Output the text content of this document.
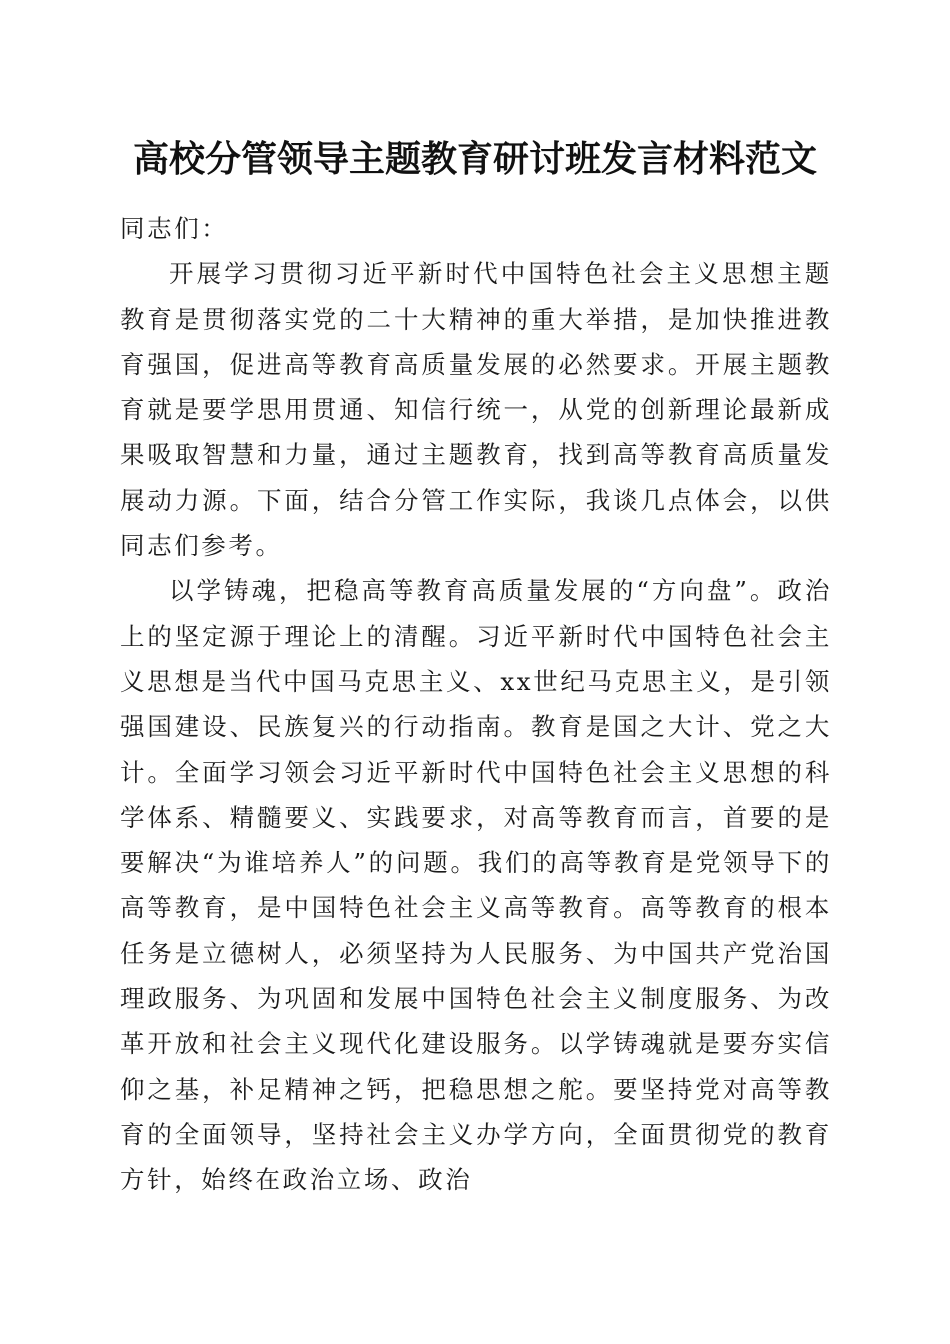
高校分管领导主题教育研讨班发言材料范文

同志们：

开展学习贯彻习近平新时代中国特色社会主义思想主题教育是贯彻落实党的二十大精神的重大举措，是加快推进教育强国，促进高等教育高质量发展的必然要求。开展主题教育就是要学思用贯通、知信行统一，从党的创新理论最新成果吸取智慧和力量，通过主题教育，找到高等教育高质量发展动力源。下面，结合分管工作实际，我谈几点体会，以供同志们参考。

以学铸魂，把稳高等教育高质量发展的“方向盘”。政治上的坚定源于理论上的清醒。习近平新时代中国特色社会主义思想是当代中国马克思主义、xx世纪马克思主义，是引领强国建设、民族复兴的行动指南。教育是国之大计、党之大计。全面学习领会习近平新时代中国特色社会主义思想的科学体系、精髓要义、实践要求，对高等教育而言，首要的是要解决“为谁培养人”的问题。我们的高等教育是党领导下的高等教育，是中国特色社会主义高等教育。高等教育的根本任务是立德树人，必须坚持为人民服务、为中国共产党治国理政服务、为巩固和发展中国特色社会主义制度服务、为改革开放和社会主义现代化建设服务。以学铸魂就是要夯实信仰之基，补足精神之钙，把稳思想之舵。要坚持党对高等教育的全面领导，坚持社会主义办学方向，全面贯彻党的教育方针，始终在政治立场、政治
